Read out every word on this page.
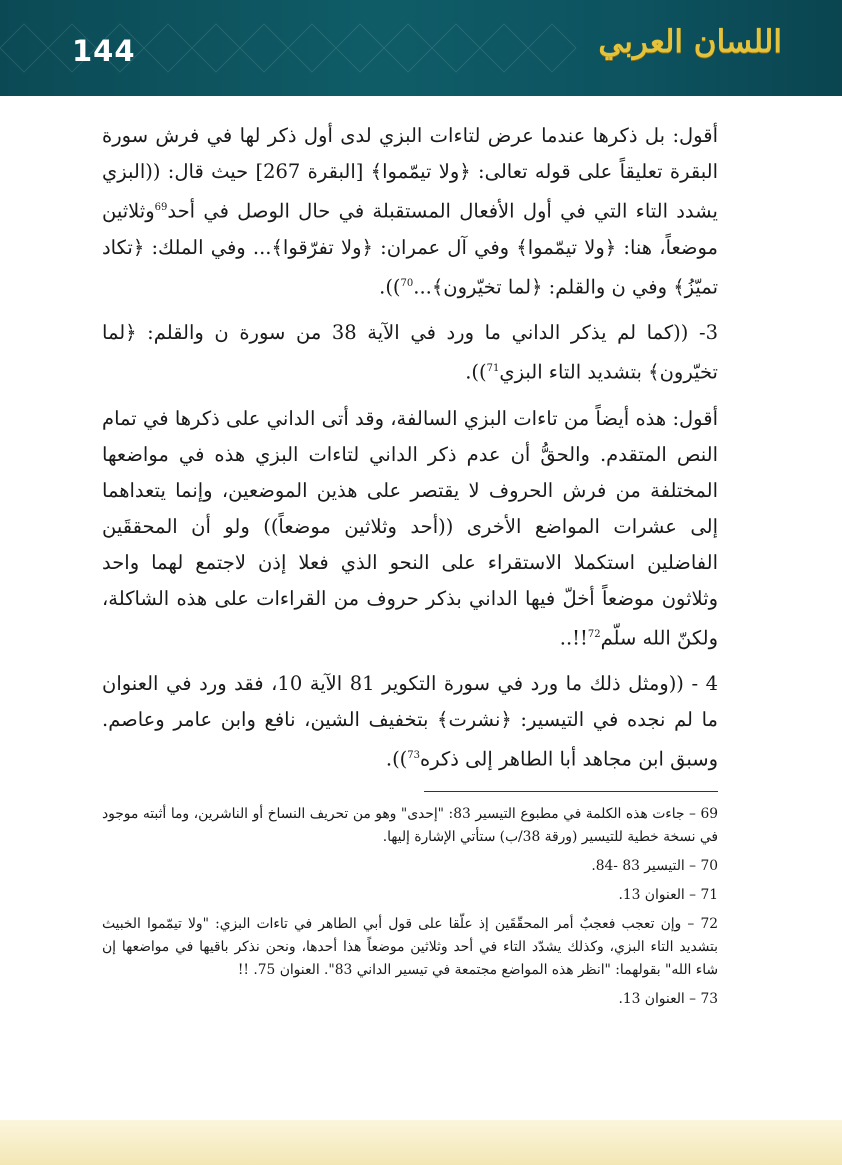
144	اللسان العربي

أقول: بل ذكرها عندما عرض لتاءات البزي لدى أول ذكر لها في فرش سورة البقرة تعليقاً على قوله تعالى: ﴿ولا تيمّموا﴾ [البقرة 267] حيث قال: ((البزي يشدد التاء التي في أول الأفعال المستقبلة في حال الوصل في أحد$^{69}$وثلاثين موضعاً، هنا: ﴿ولا تيمّموا﴾ وفي آل عمران: ﴿ولا تفرّقوا﴾... وفي الملك: ﴿تكاد تميّزُ﴾ وفي ن والقلم: ﴿لما تخيّرون﴾...$^{70}$)).

3- ((كما لم يذكر الداني ما ورد في الآية 38 من سورة ن والقلم: ﴿لما تخيّرون﴾ بتشديد التاء البزي$^{71}$)).

أقول: هذه أيضاً من تاءات البزي السالفة، وقد أتى الداني على ذكرها في تمام النص المتقدم. والحقُّ أن عدم ذكر الداني لتاءات البزي هذه في مواضعها المختلفة من فرش الحروف لا يقتصر على هذين الموضعين، وإنما يتعداهما إلى عشرات المواضع الأخرى ((أحد وثلاثين موضعاً)) ولو أن المحققَين الفاضلين استكملا الاستقراء على النحو الذي فعلا إذن لاجتمع لهما واحد وثلاثون موضعاً أخلّ فيها الداني بذكر حروف من القراءات على هذه الشاكلة، ولكنّ الله سلّم$^{72}$!!..

4 - ((ومثل ذلك ما ورد في سورة التكوير 81 الآية 10، فقد ورد في العنوان ما لم نجده في التيسير: ﴿نشرت﴾ بتخفيف الشين، نافع وابن عامر وعاصم. وسبق ابن مجاهد أبا الطاهر إلى ذكره$^{73}$)).

69 – جاءت هذه الكلمة في مطبوع التيسير 83: "إحدى" وهو من تحريف النساخ أو الناشرين، وما أثبته موجود في نسخة خطية للتيسير (ورقة 38/ب) ستأتي الإشارة إليها.

70 – التيسير 83 -84.

71 – العنوان 13.

72 – وإن تعجب فعجبٌ أمر المحقّقَين إذ علّقا على قول أبي الطاهر في تاءات البزي: "ولا تيمّموا الخبيث بتشديد التاء البزي، وكذلك يشدّد التاء في أحد وثلاثين موضعاً هذا أحدها، ونحن نذكر باقيها في مواضعها إن شاء الله" بقولهما: "انظر هذه المواضع مجتمعة في تيسير الداني 83". العنوان 75. !!

73 – العنوان 13.
